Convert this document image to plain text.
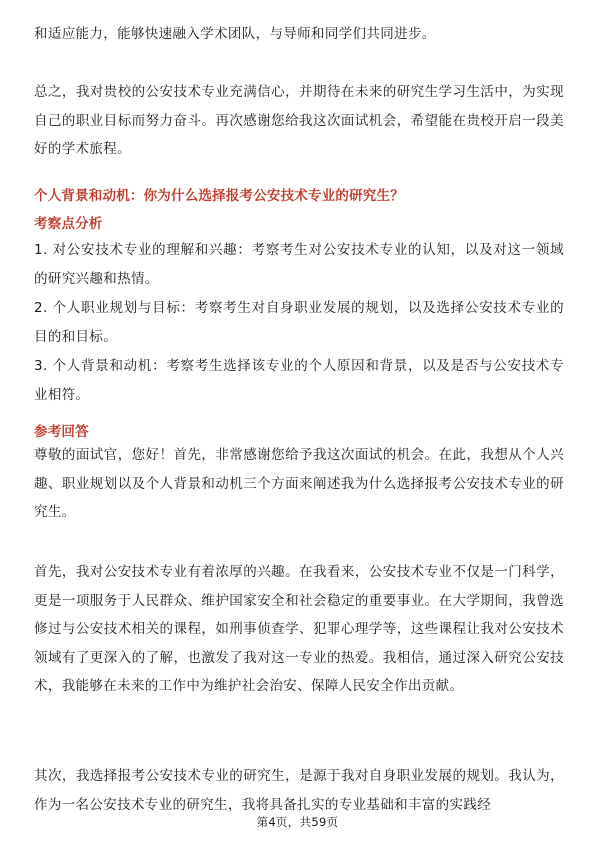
和适应能力，能够快速融入学术团队，与导师和同学们共同进步。

总之，我对贵校的公安技术专业充满信心，并期待在未来的研究生学习生活中，为实现自己的职业目标而努力奋斗。再次感谢您给我这次面试机会，希望能在贵校开启一段美好的学术旅程。

个人背景和动机：你为什么选择报考公安技术专业的研究生？

考察点分析

1. 对公安技术专业的理解和兴趣：考察考生对公安技术专业的认知，以及对这一领域的研究兴趣和热情。

2. 个人职业规划与目标：考察考生对自身职业发展的规划，以及选择公安技术专业的目的和目标。

3. 个人背景和动机：考察考生选择该专业的个人原因和背景，以及是否与公安技术专业相符。

参考回答

尊敬的面试官，您好！首先，非常感谢您给予我这次面试的机会。在此，我想从个人兴趣、职业规划以及个人背景和动机三个方面来阐述我为什么选择报考公安技术专业的研究生。

首先，我对公安技术专业有着浓厚的兴趣。在我看来，公安技术专业不仅是一门科学，更是一项服务于人民群众、维护国家安全和社会稳定的重要事业。在大学期间，我曾选修过与公安技术相关的课程，如刑事侦查学、犯罪心理学等，这些课程让我对公安技术领域有了更深入的了解，也激发了我对这一专业的热爱。我相信，通过深入研究公安技术，我能够在未来的工作中为维护社会治安、保障人民安全作出贡献。

其次，我选择报考公安技术专业的研究生，是源于我对自身职业发展的规划。我认为，作为一名公安技术专业的研究生，我将具备扎实的专业基础和丰富的实践经

第4页，共59页
